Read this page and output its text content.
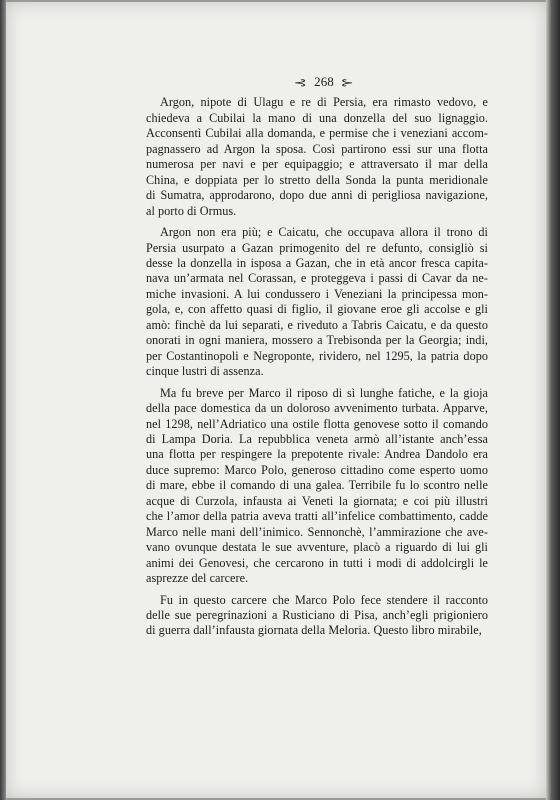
⊰ 268 ⊱
Argon, nipote di Ulagu e re di Persia, era rimasto vedovo, e
chiedeva a Cubilai la mano di una donzella del suo lignaggio.
Acconsentì Cubilai alla domanda, e permise che i veneziani accom-
pagnassero ad Argon la sposa. Così partirono essi sur una flotta
numerosa per navi e per equipaggio; e attraversato il mar della
China, e doppiata per lo stretto della Sonda la punta meridionale
di Sumatra, approdarono, dopo due anni di perigliosa navigazione,
al porto di Ormus.
Argon non era più; e Caicatu, che occupava allora il trono di
Persia usurpato a Gazan primogenito del re defunto, consigliò si
desse la donzella in isposa a Gazan, che in età ancor fresca capita-
nava un’armata nel Corassan, e proteggeva i passi di Cavar da ne-
miche invasioni. A lui condussero i Veneziani la principessa mon-
gola, e, con affetto quasi di figlio, il giovane eroe gli accolse e gli
amò: finchè da lui separati, e riveduto a Tabris Caicatu, e da questo
onorati in ogni maniera, mossero a Trebisonda per la Georgia; indi,
per Costantinopoli e Negroponte, rividero, nel 1295, la patria dopo
cinque lustri di assenza.
Ma fu breve per Marco il riposo di sì lunghe fatiche, e la gioja
della pace domestica da un doloroso avvenimento turbata. Apparve,
nel 1298, nell’Adriatico una ostile flotta genovese sotto il comando
di Lampa Doria. La repubblica veneta armò all’istante anch’essa
una flotta per respingere la prepotente rivale: Andrea Dandolo era
duce supremo: Marco Polo, generoso cittadino come esperto uomo
di mare, ebbe il comando di una galea. Terribile fu lo scontro nelle
acque di Curzola, infausta ai Veneti la giornata; e coi più illustri
che l’amor della patria aveva tratti all’infelice combattimento, cadde
Marco nelle mani dell’inimico. Sennonchè, l’ammirazione che ave-
vano ovunque destata le sue avventure, placò a riguardo di lui gli
animi dei Genovesi, che cercarono in tutti i modi di addolcirgli le
asprezze del carcere.
Fu in questo carcere che Marco Polo fece stendere il racconto
delle sue peregrinazioni a Rusticiano di Pisa, anch’egli prigioniero
di guerra dall’infausta giornata della Meloria. Questo libro mirabile,
